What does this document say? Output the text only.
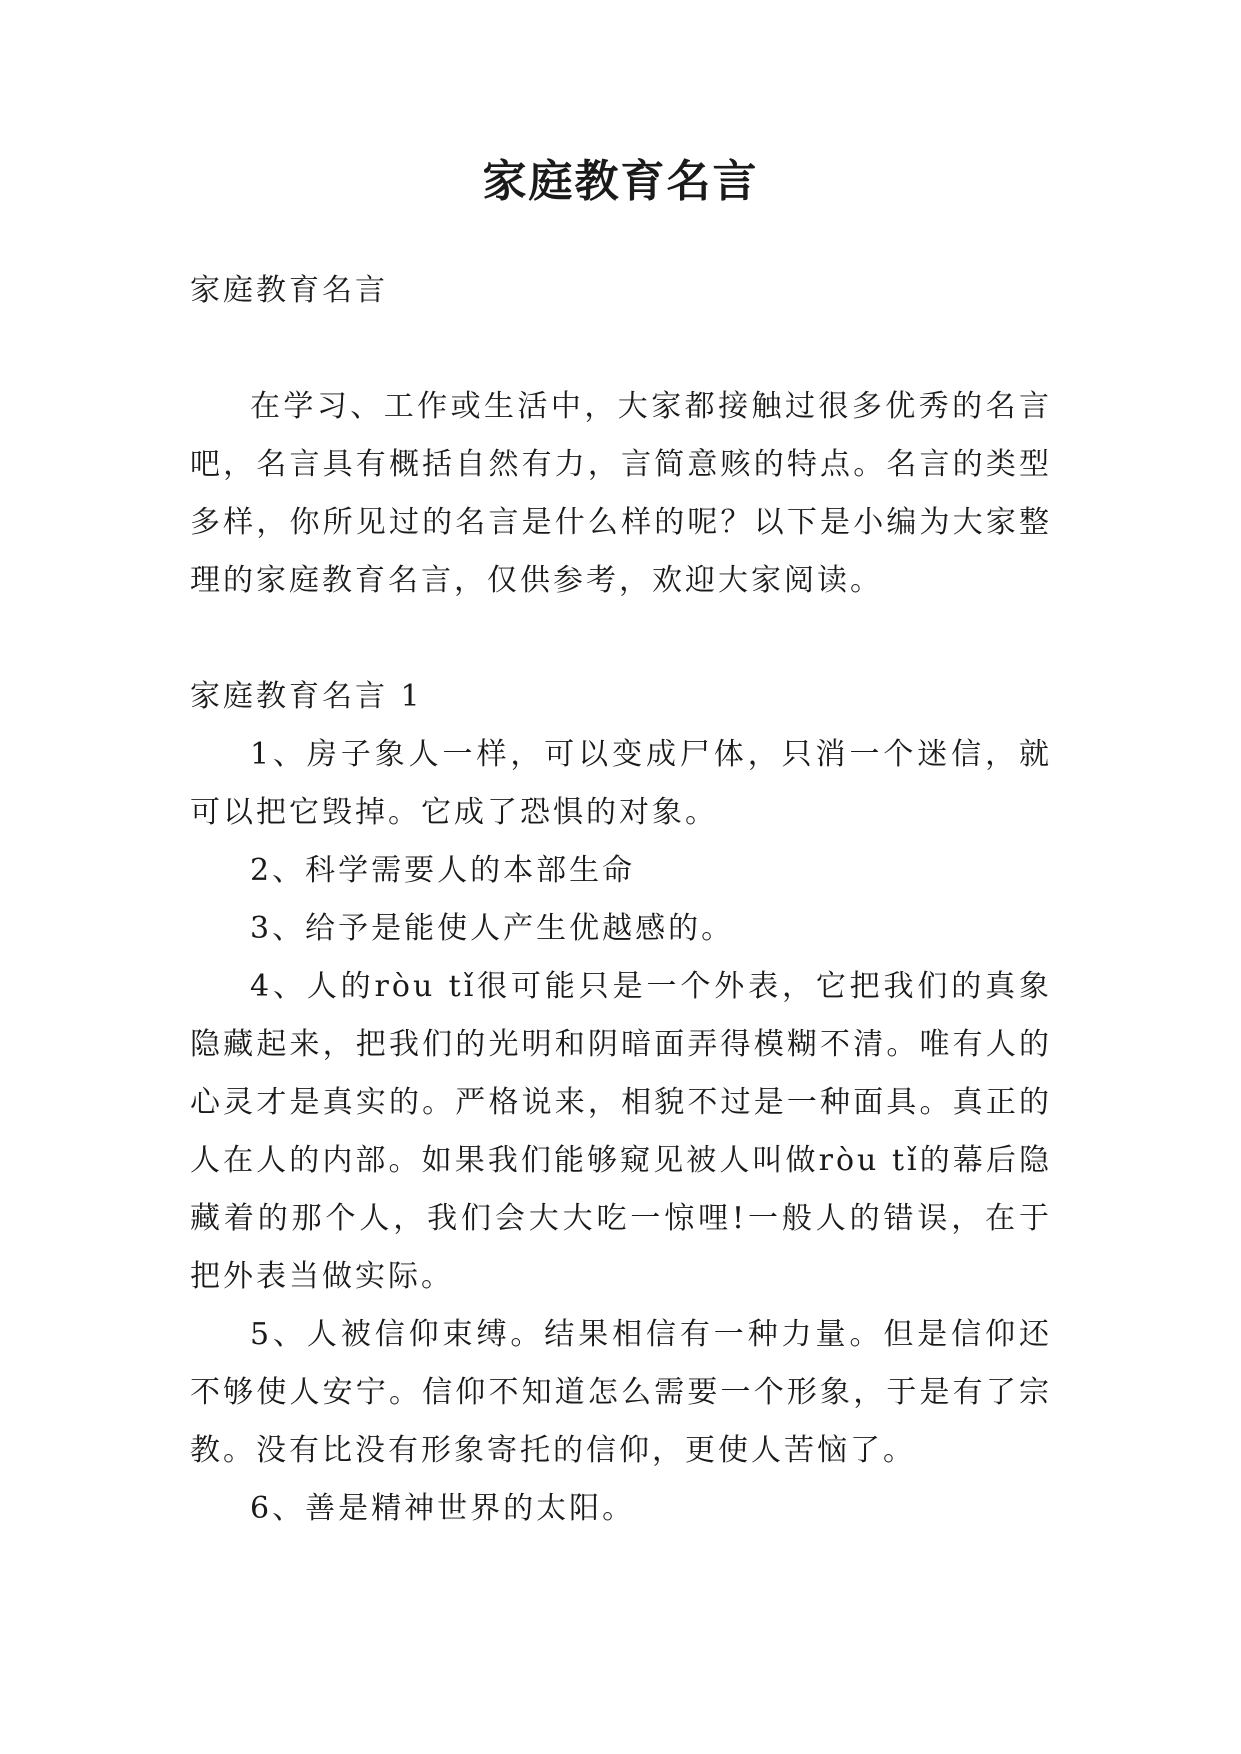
家庭教育名言

家庭教育名言

在学习、工作或生活中，大家都接触过很多优秀的名言吧，名言具有概括自然有力，言简意赅的特点。名言的类型多样，你所见过的名言是什么样的呢？以下是小编为大家整理的家庭教育名言，仅供参考，欢迎大家阅读。

家庭教育名言 1

1、房子象人一样，可以变成尸体，只消一个迷信，就可以把它毁掉。它成了恐惧的对象。

2、科学需要人的本部生命

3、给予是能使人产生优越感的。

4、人的ròu tǐ很可能只是一个外表，它把我们的真象隐藏起来，把我们的光明和阴暗面弄得模糊不清。唯有人的心灵才是真实的。严格说来，相貌不过是一种面具。真正的人在人的内部。如果我们能够窥见被人叫做ròu tǐ的幕后隐藏着的那个人，我们会大大吃一惊哩!一般人的错误，在于把外表当做实际。

5、人被信仰束缚。结果相信有一种力量。但是信仰还不够使人安宁。信仰不知道怎么需要一个形象，于是有了宗教。没有比没有形象寄托的信仰，更使人苦恼了。

6、善是精神世界的太阳。
